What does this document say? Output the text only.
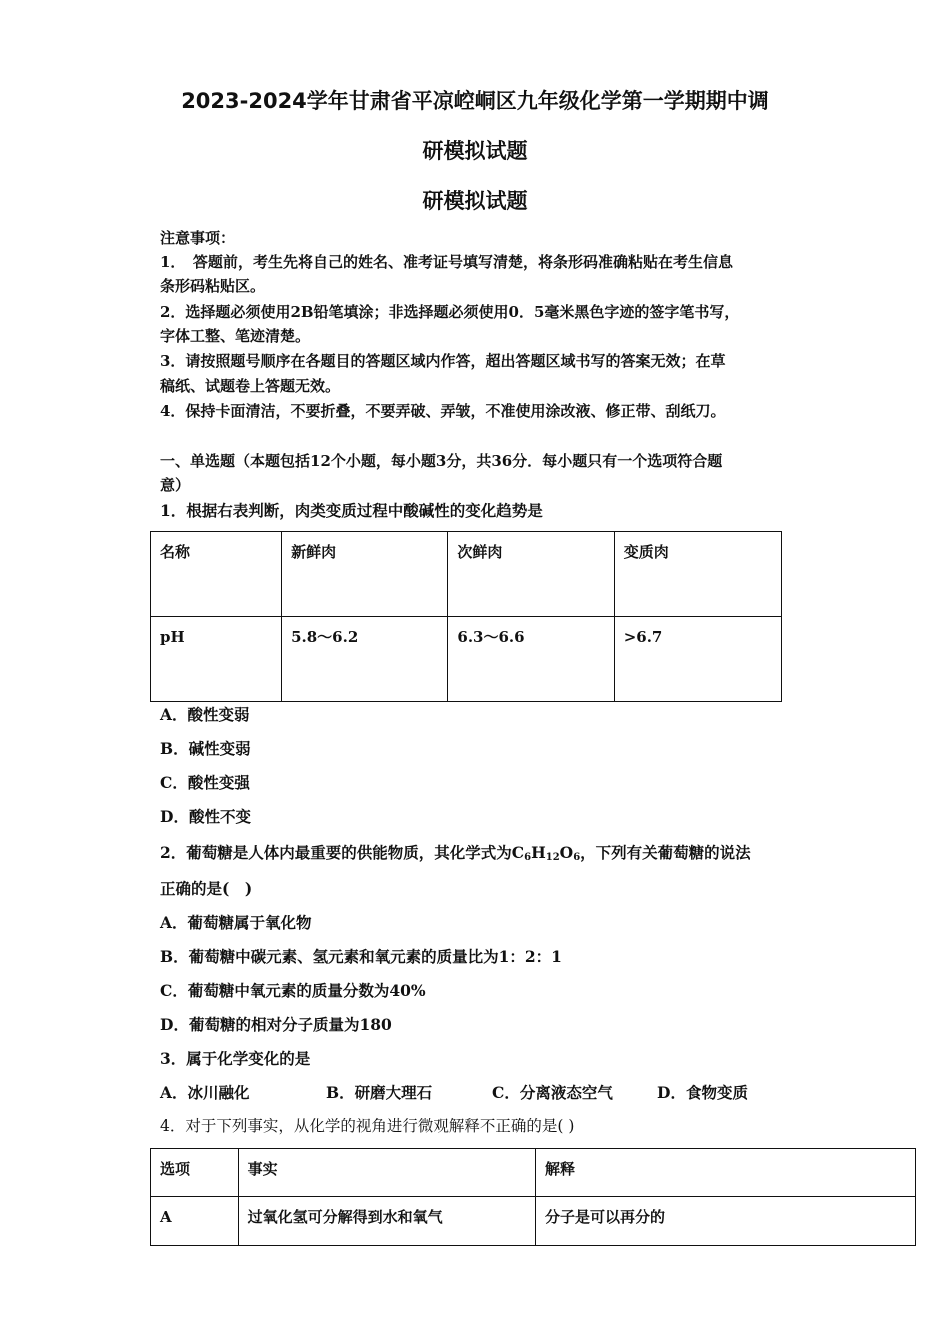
2023-2024学年甘肃省平凉崆峒区九年级化学第一学期期中调
研模拟试题
研模拟试题
注意事项：
1．　答题前，考生先将自己的姓名、准考证号填写清楚，将条形码准确粘贴在考生信息
条形码粘贴区。
2．选择题必须使用2B铅笔填涂；非选择题必须使用0．5毫米黑色字迹的签字笔书写，
字体工整、笔迹清楚。
3．请按照题号顺序在各题目的答题区域内作答，超出答题区域书写的答案无效；在草
稿纸、试题卷上答题无效。
4．保持卡面清洁，不要折叠，不要弄破、弄皱，不准使用涂改液、修正带、刮纸刀。
一、单选题（本题包括12个小题，每小题3分，共36分．每小题只有一个选项符合题
意）
1．根据右表判断，肉类变质过程中酸碱性的变化趋势是
名称	新鲜肉	次鲜肉	变质肉

pH	5.8～6.2	6.3～6.6	>6.7
A．酸性变弱
B．碱性变弱
C．酸性变强
D．酸性不变
2．葡萄糖是人体内最重要的供能物质，其化学式为$C_6H_{12}O_6$，下列有关葡萄糖的说法
正确的是(　)
A．葡萄糖属于氧化物
B．葡萄糖中碳元素、氢元素和氧元素的质量比为1：2：1
C．葡萄糖中氧元素的质量分数为40%
D．葡萄糖的相对分子质量为180
3．属于化学变化的是
A．冰川融化	B．研磨大理石	C．分离液态空气	D．食物变质
4．对于下列事实，从化学的视角进行微观解释不正确的是( )
选项	事实	解释

A	过氧化氢可分解得到水和氧气	分子是可以再分的
